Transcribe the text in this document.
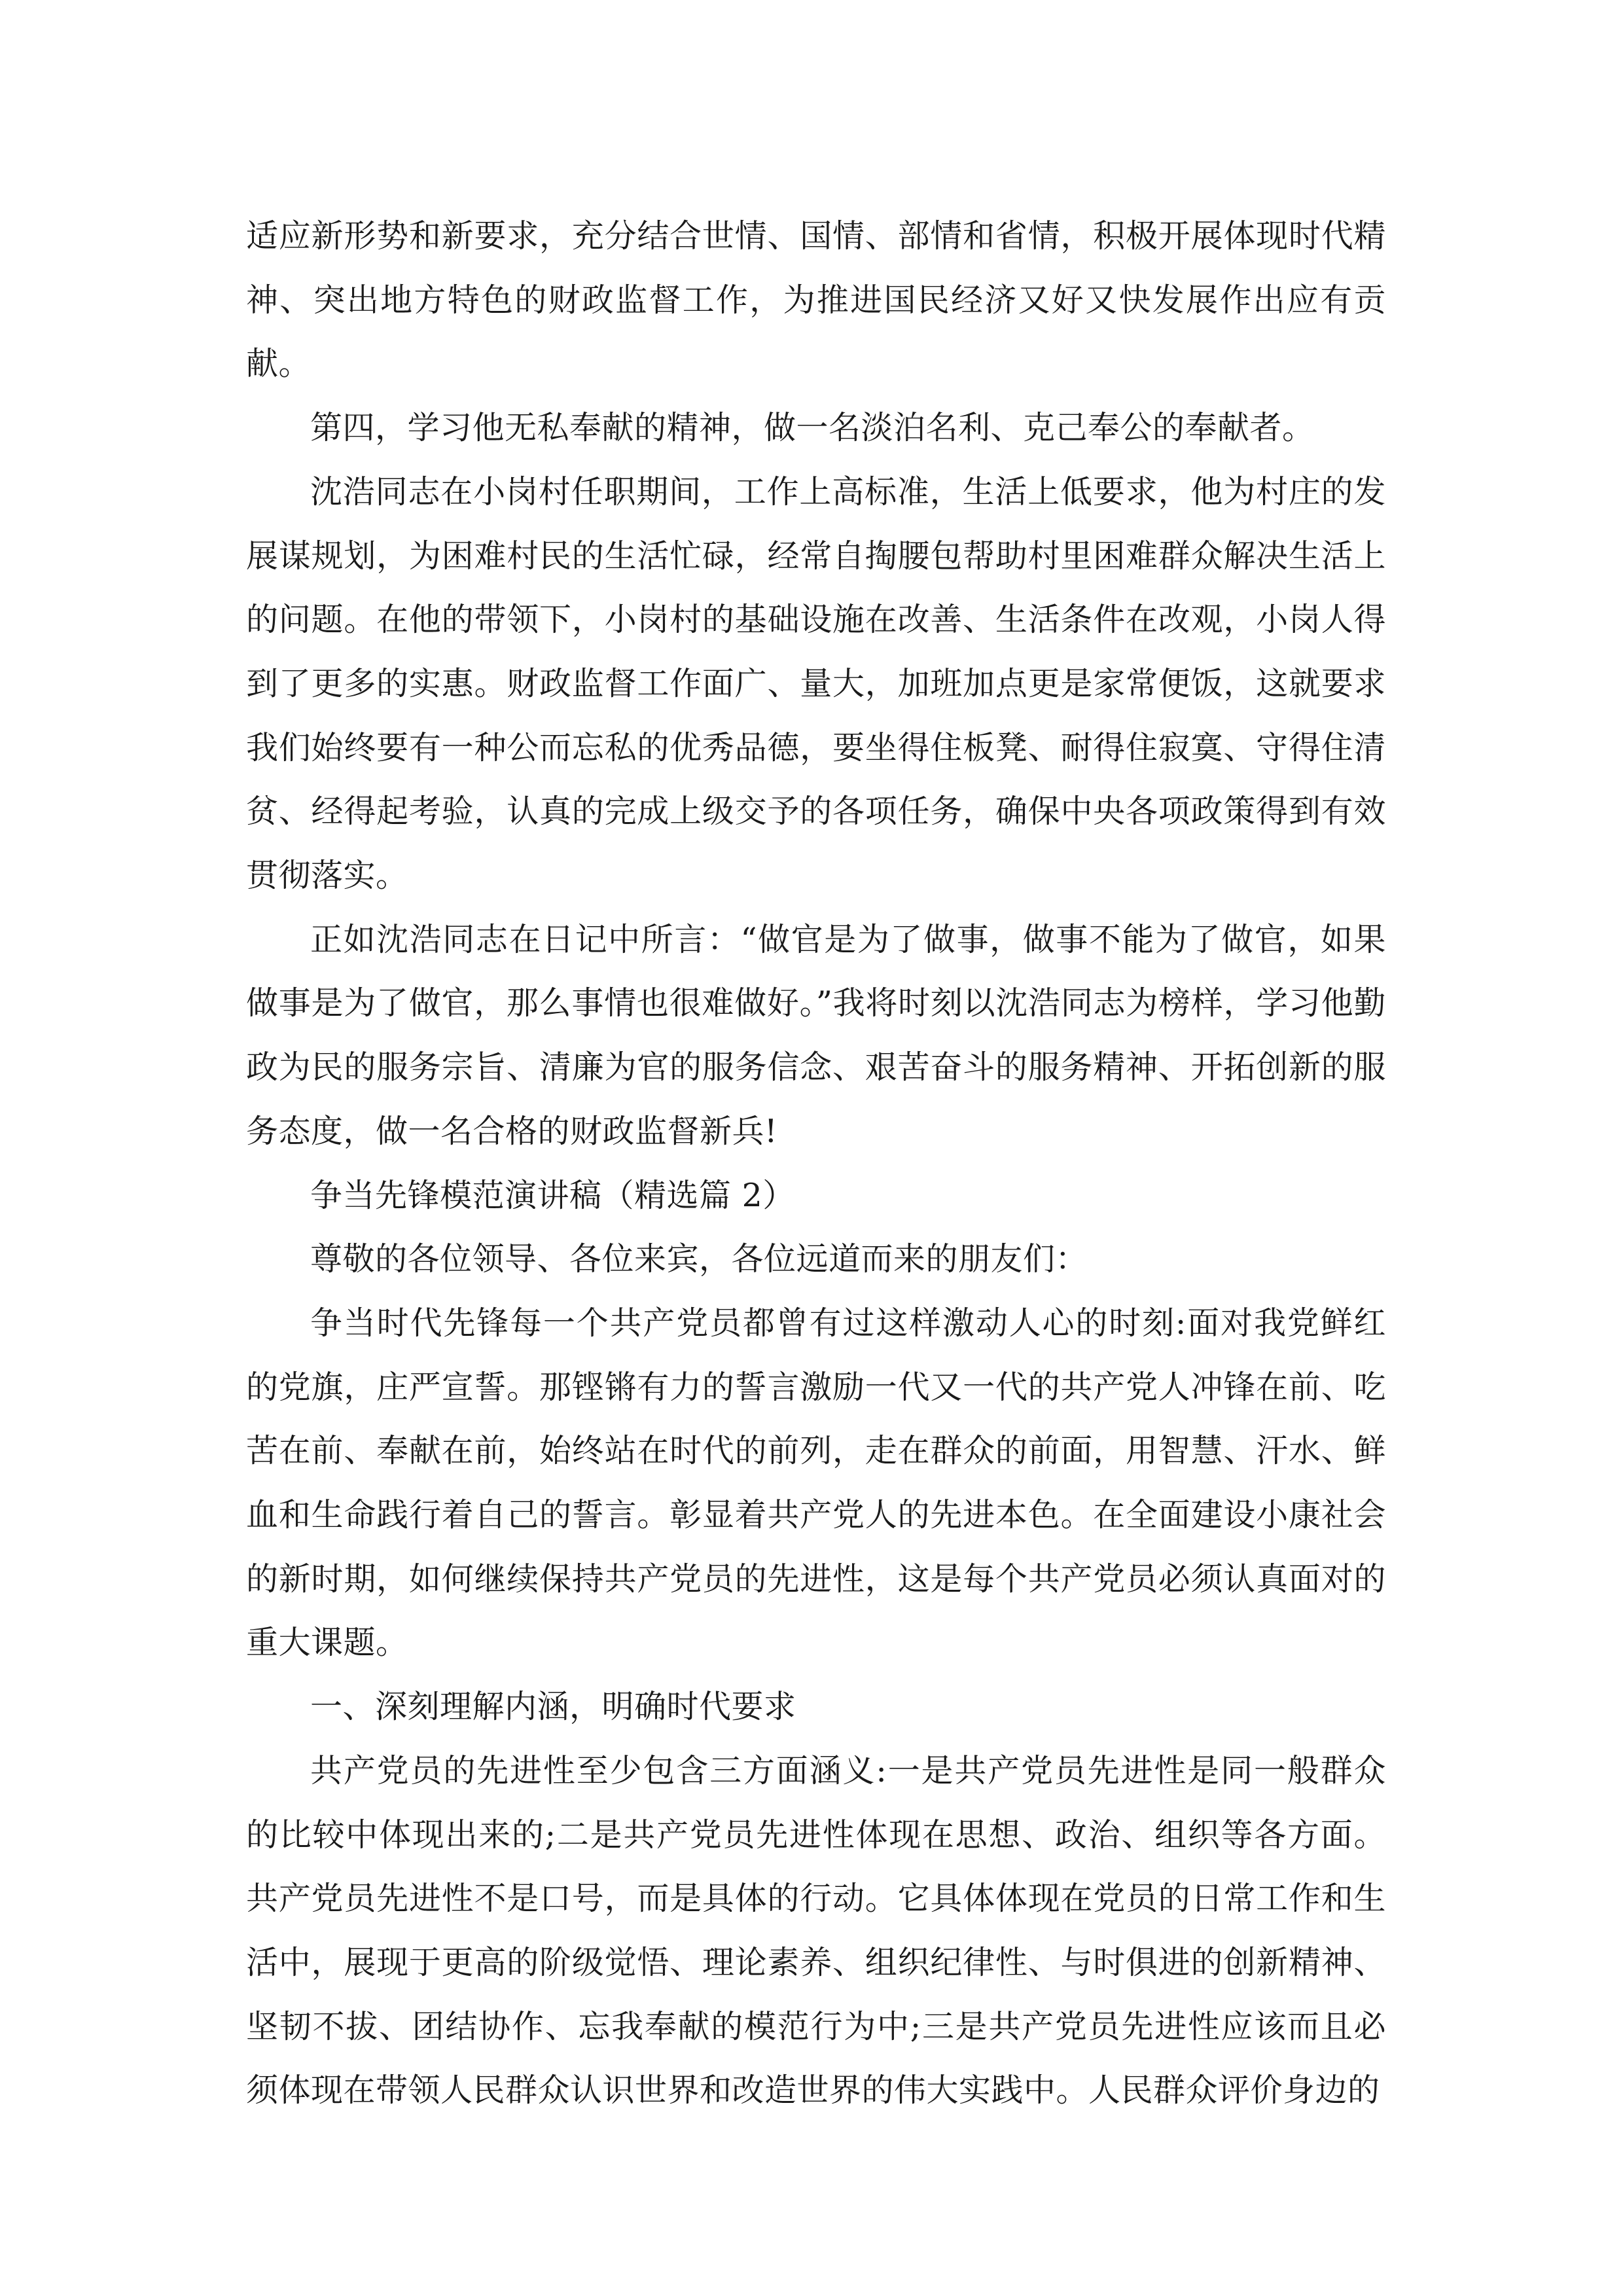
适应新形势和新要求，充分结合世情、国情、部情和省情，积极开展体现时代精神、突出地方特色的财政监督工作，为推进国民经济又好又快发展作出应有贡献。

第四，学习他无私奉献的精神，做一名淡泊名利、克己奉公的奉献者。

沈浩同志在小岗村任职期间，工作上高标准，生活上低要求，他为村庄的发展谋规划，为困难村民的生活忙碌，经常自掏腰包帮助村里困难群众解决生活上的问题。在他的带领下，小岗村的基础设施在改善、生活条件在改观，小岗人得到了更多的实惠。财政监督工作面广、量大，加班加点更是家常便饭，这就要求我们始终要有一种公而忘私的优秀品德，要坐得住板凳、耐得住寂寞、守得住清贫、经得起考验，认真的完成上级交予的各项任务，确保中央各项政策得到有效贯彻落实。

正如沈浩同志在日记中所言：“做官是为了做事，做事不能为了做官，如果做事是为了做官，那么事情也很难做好。”我将时刻以沈浩同志为榜样，学习他勤政为民的服务宗旨、清廉为官的服务信念、艰苦奋斗的服务精神、开拓创新的服务态度，做一名合格的财政监督新兵!

争当先锋模范演讲稿（精选篇 2）

尊敬的各位领导、各位来宾，各位远道而来的朋友们：

争当时代先锋每一个共产党员都曾有过这样激动人心的时刻:面对我党鲜红的党旗，庄严宣誓。那铿锵有力的誓言激励一代又一代的共产党人冲锋在前、吃苦在前、奉献在前，始终站在时代的前列，走在群众的前面，用智慧、汗水、鲜血和生命践行着自己的誓言。彰显着共产党人的先进本色。在全面建设小康社会的新时期，如何继续保持共产党员的先进性，这是每个共产党员必须认真面对的重大课题。

一、深刻理解内涵，明确时代要求

共产党员的先进性至少包含三方面涵义:一是共产党员先进性是同一般群众的比较中体现出来的;二是共产党员先进性体现在思想、政治、组织等各方面。共产党员先进性不是口号，而是具体的行动。它具体体现在党员的日常工作和生活中，展现于更高的阶级觉悟、理论素养、组织纪律性、与时俱进的创新精神、坚韧不拔、团结协作、忘我奉献的模范行为中;三是共产党员先进性应该而且必须体现在带领人民群众认识世界和改造世界的伟大实践中。人民群众评价身边的
